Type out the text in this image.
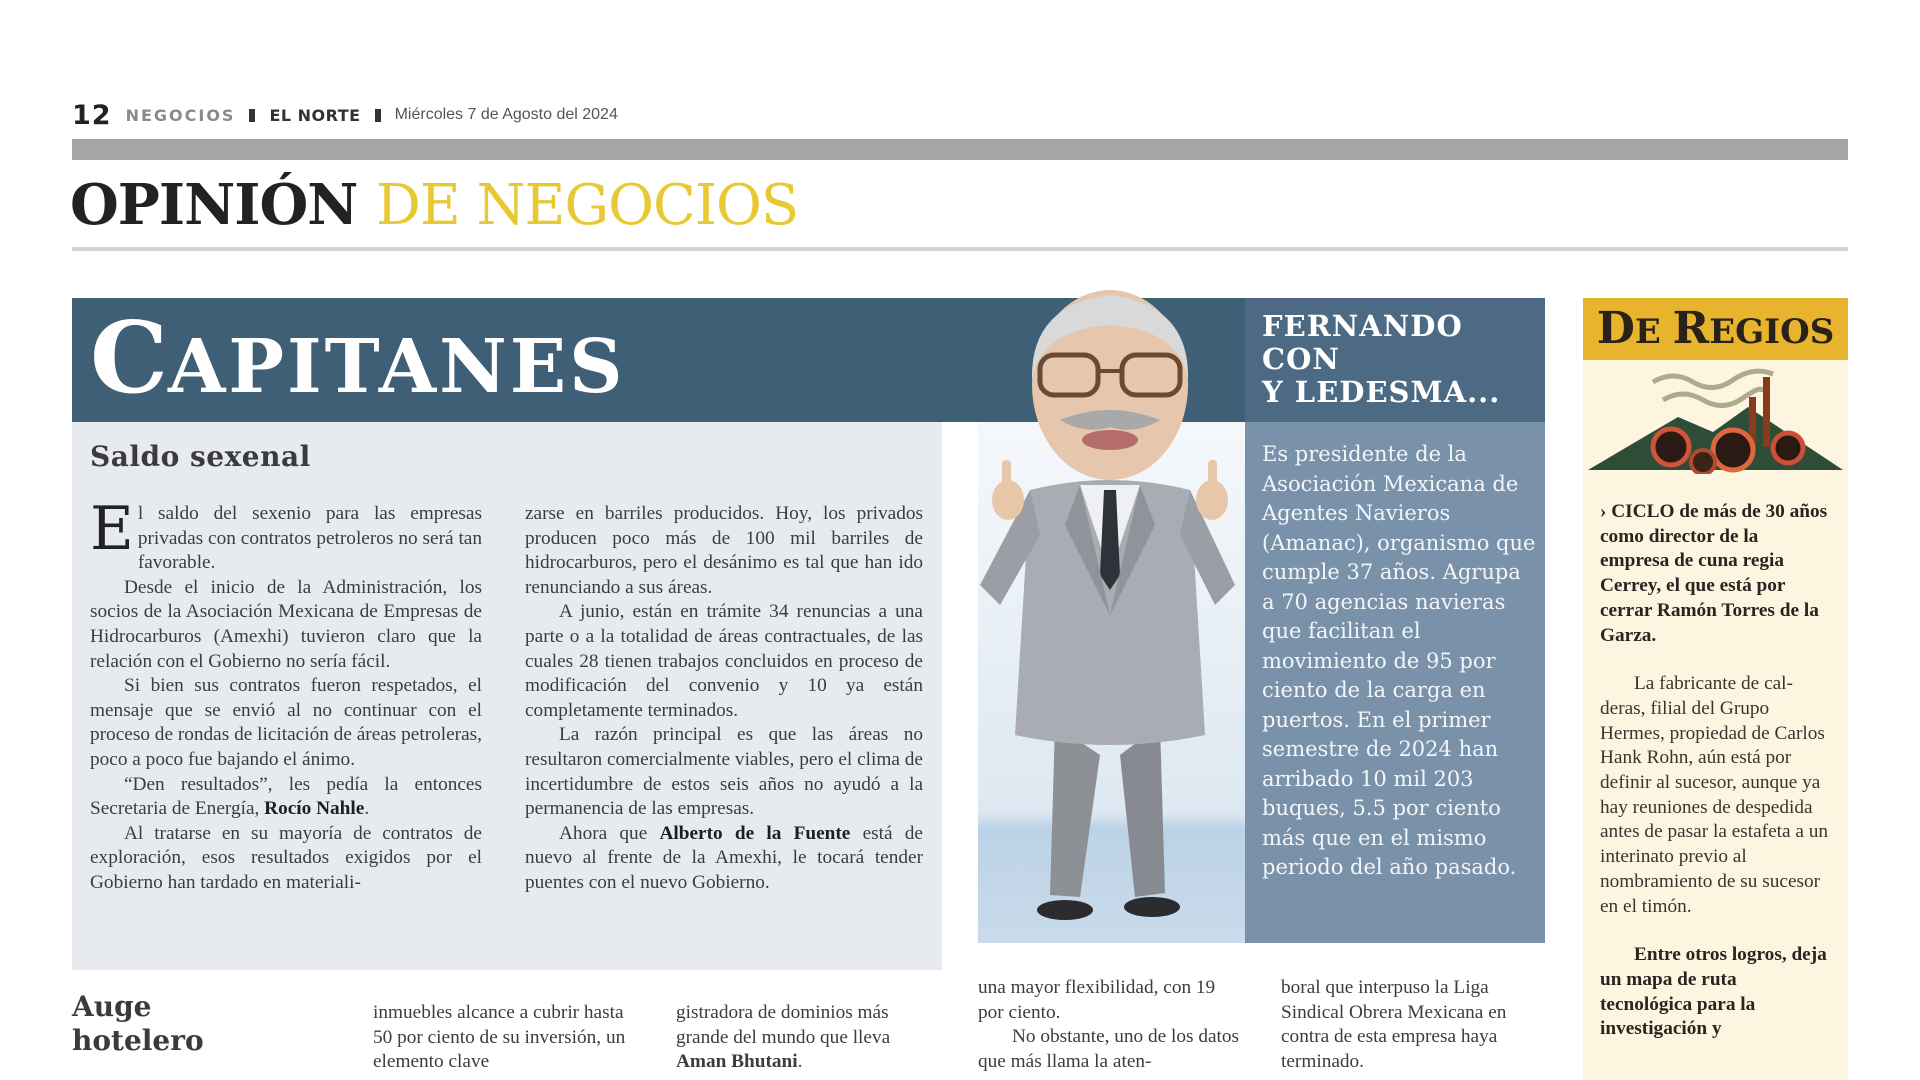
12 NEGOCIOS EL NORTE Miércoles 7 de Agosto del 2024
OPINIÓN DE NEGOCIOS
CAPITANES
Saldo sexenal

El saldo del sexenio para las empresas privadas con contratos petroleros no será tan favorable.

Desde el inicio de la Administración, los socios de la Asociación Mexicana de Empresas de Hidrocarburos (Amexhi) tuvieron claro que la relación con el Gobierno no sería fácil.

Si bien sus contratos fueron respetados, el mensaje que se envió al no continuar con el proceso de rondas de licitación de áreas petroleras, poco a poco fue bajando el ánimo.

“Den resultados”, les pedía la entonces Secretaria de Energía, Rocío Nahle.

Al tratarse en su mayoría de contratos de exploración, esos resultados exigidos por el Gobierno han tardado en materiali-

zarse en barriles producidos. Hoy, los privados producen poco más de 100 mil barriles de hidrocarburos, pero el desánimo es tal que han ido renunciando a sus áreas.

A junio, están en trámite 34 renuncias a una parte o a la totalidad de áreas contractuales, de las cuales 28 tienen trabajos concluidos en proceso de modificación del convenio y 10 ya están completamente terminados.

La razón principal es que las áreas no resultaron comercialmente viables, pero el clima de incertidumbre de estos seis años no ayudó a la permanencia de las empresas.

Ahora que Alberto de la Fuente está de nuevo al frente de la Amexhi, le tocará tender puentes con el nuevo Gobierno.

FERNANDO
CON
Y LEDESMA...
Es presidente de la Asociación Mexicana de Agentes Navieros (Amanac), organismo que cumple 37 años. Agrupa a 70 agencias navieras que facilitan el movimiento de 95 por ciento de la carga en puertos. En el primer semestre de 2024 han arribado 10 mil 203 buques, 5.5 por ciento más que en el mismo periodo del año pasado.
DE REGIOS

› CICLO de más de 30 años como director de la empresa de cuna regia Cerrey, el que está por cerrar Ramón Torres de la Garza.

La fabricante de calderas, filial del Grupo Hermes, propiedad de Carlos Hank Rohn, aún está por definir al sucesor, aunque ya hay reuniones de despedida antes de pasar la estafeta a un interinato previo al nombramiento de su sucesor en el timón.

Entre otros logros, deja un mapa de ruta tecnológica para la investigación y

Auge
hotelero

inmuebles alcance a cubrir hasta 50 por ciento de su inversión, un elemento clave

gistradora de dominios más grande del mundo que lleva Aman Bhutani.

una mayor flexibilidad, con 19 por ciento.

No obstante, uno de los datos que más llama la aten-

boral que interpuso la Liga Sindical Obrera Mexicana en contra de esta empresa haya terminado.
